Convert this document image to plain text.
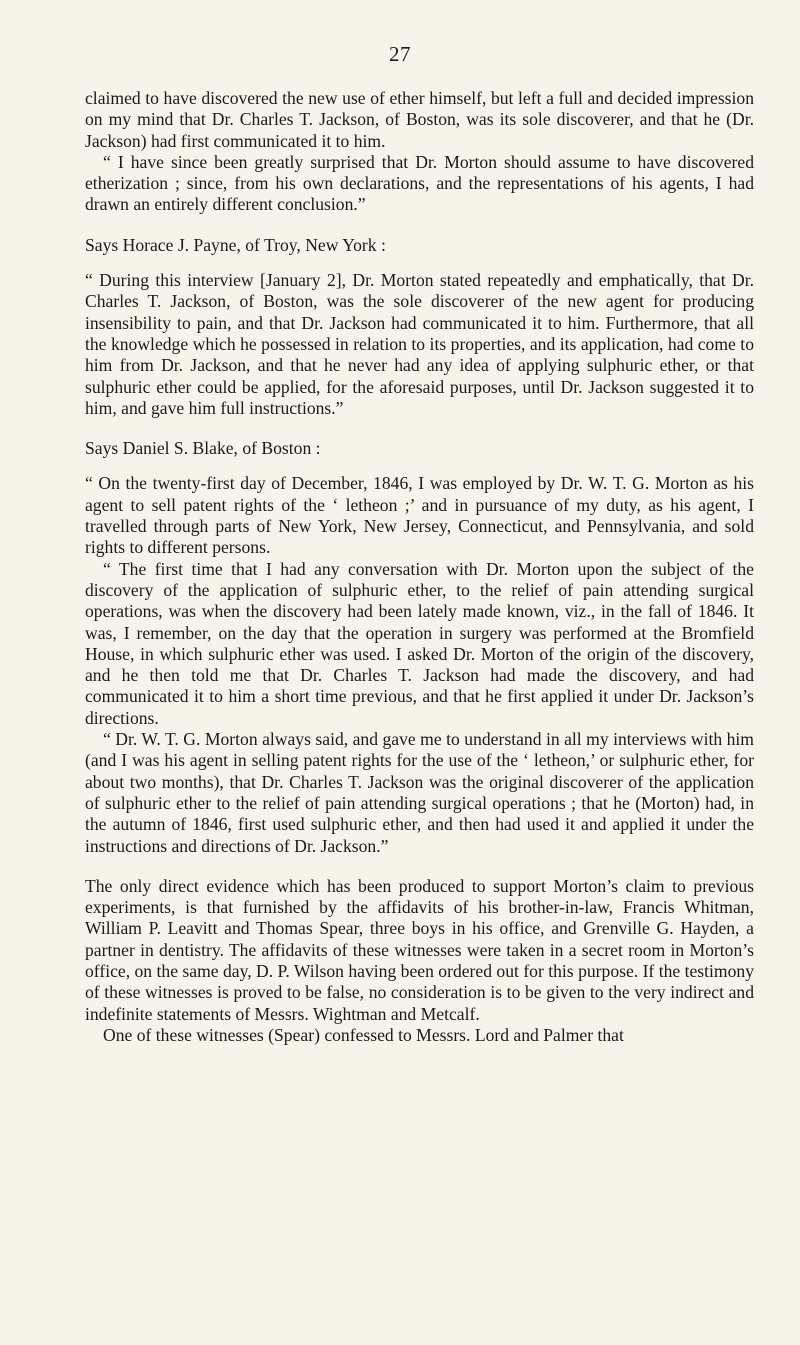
27

claimed to have discovered the new use of ether himself, but left a full and decided impression on my mind that Dr. Charles T. Jackson, of Boston, was its sole discoverer, and that he (Dr. Jackson) had first communicated it to him.

“ I have since been greatly surprised that Dr. Morton should assume to have discovered etherization ; since, from his own declarations, and the representations of his agents, I had drawn an entirely different conclusion.”

Says Horace J. Payne, of Troy, New York :

“ During this interview [January 2], Dr. Morton stated repeatedly and emphatically, that Dr. Charles T. Jackson, of Boston, was the sole discoverer of the new agent for producing insensibility to pain, and that Dr. Jackson had communicated it to him. Furthermore, that all the knowledge which he possessed in relation to its properties, and its application, had come to him from Dr. Jackson, and that he never had any idea of applying sulphuric ether, or that sulphuric ether could be applied, for the aforesaid purposes, until Dr. Jackson suggested it to him, and gave him full instructions.”

Says Daniel S. Blake, of Boston :

“ On the twenty-first day of December, 1846, I was employed by Dr. W. T. G. Morton as his agent to sell patent rights of the ‘ letheon ;’ and in pursuance of my duty, as his agent, I travelled through parts of New York, New Jersey, Connecticut, and Pennsylvania, and sold rights to different persons.

“ The first time that I had any conversation with Dr. Morton upon the subject of the discovery of the application of sulphuric ether, to the relief of pain attending surgical operations, was when the discovery had been lately made known, viz., in the fall of 1846. It was, I remember, on the day that the operation in surgery was performed at the Bromfield House, in which sulphuric ether was used. I asked Dr. Morton of the origin of the discovery, and he then told me that Dr. Charles T. Jackson had made the discovery, and had communicated it to him a short time previous, and that he first applied it under Dr. Jackson’s directions.

“ Dr. W. T. G. Morton always said, and gave me to understand in all my interviews with him (and I was his agent in selling patent rights for the use of the ‘ letheon,’ or sulphuric ether, for about two months), that Dr. Charles T. Jackson was the original discoverer of the application of sulphuric ether to the relief of pain attending surgical operations ; that he (Morton) had, in the autumn of 1846, first used sulphuric ether, and then had used it and applied it under the instructions and directions of Dr. Jackson.”

The only direct evidence which has been produced to support Morton’s claim to previous experiments, is that furnished by the affidavits of his brother-in-law, Francis Whitman, William P. Leavitt and Thomas Spear, three boys in his office, and Grenville G. Hayden, a partner in dentistry. The affidavits of these witnesses were taken in a secret room in Morton’s office, on the same day, D. P. Wilson having been ordered out for this purpose. If the testimony of these witnesses is proved to be false, no consideration is to be given to the very indirect and indefinite statements of Messrs. Wightman and Metcalf.

One of these witnesses (Spear) confessed to Messrs. Lord and Palmer that
